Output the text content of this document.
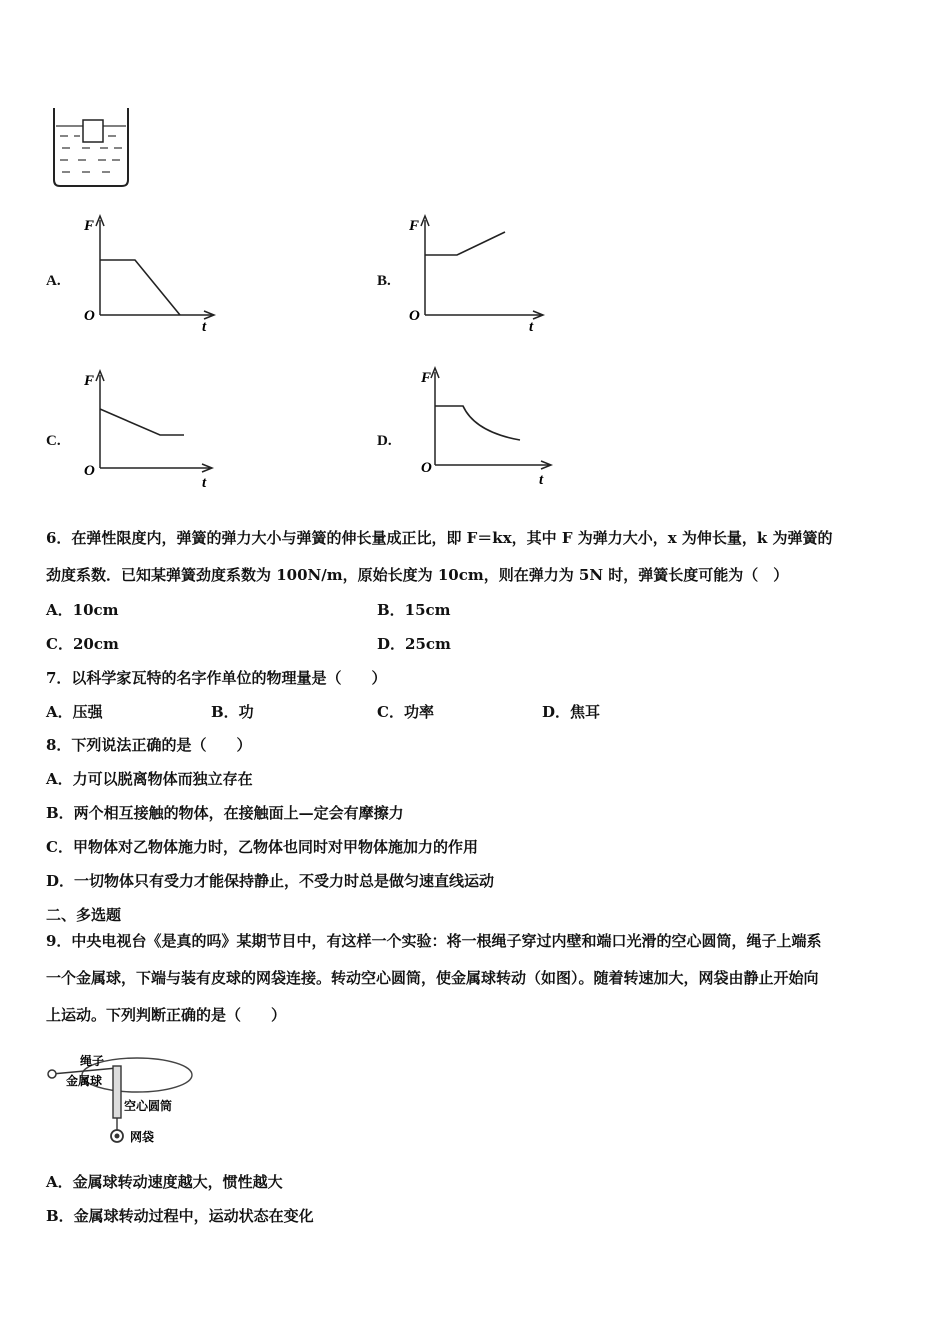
A.
F
O
t
B.
F
O
t
C.
F
O
t
D.
F
O
t
6．在弹性限度内，弹簧的弹力大小与弹簧的伸长量成正比，即 F＝kx，其中 F 为弹力大小，x 为伸长量，k 为弹簧的
劲度系数．已知某弹簧劲度系数为 100N/m，原始长度为 10cm，则在弹力为 5N 时，弹簧长度可能为（　）
A．10cm	B．15cm
C．20cm	D．25cm
7．以科学家瓦特的名字作单位的物理量是（　　）
A．压强	B．功	C．功率	D．焦耳
8．下列说法正确的是（　　）
A．力可以脱离物体而独立存在
B．两个相互接触的物体，在接触面上—定会有摩擦力
C．甲物体对乙物体施力时，乙物体也同时对甲物体施加力的作用
D．一切物体只有受力才能保持静止，不受力时总是做匀速直线运动
二、多选题
9．中央电视台《是真的吗》某期节目中，有这样一个实验：将一根绳子穿过内壁和端口光滑的空心圆筒，绳子上端系
一个金属球，下端与装有皮球的网袋连接。转动空心圆筒，使金属球转动（如图）。随着转速加大，网袋由静止开始向
上运动。下列判断正确的是（　　）
绳子
金属球
空心圆筒
网袋
A．金属球转动速度越大，惯性越大
B．金属球转动过程中，运动状态在变化
